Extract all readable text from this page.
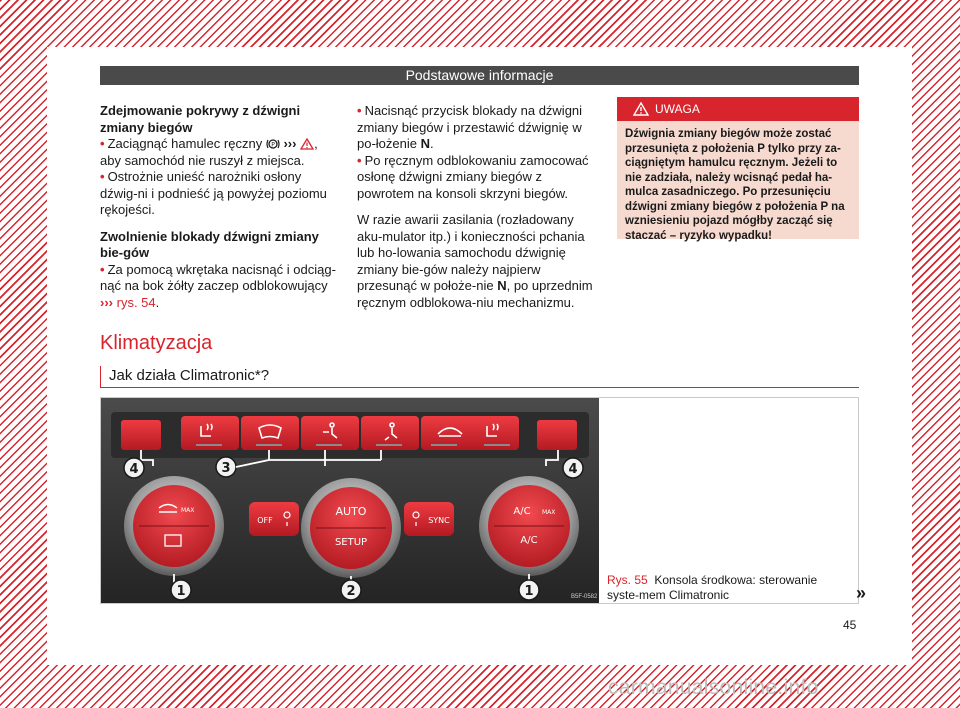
Podstawowe informacje

Zdejmowanie pokrywy z dźwigni zmiany biegów

• Zaciągnąć hamulec ręczny P ››› , aby samochód nie ruszył z miejsca.

• Ostrożnie unieść narożniki osłony dźwig-ni i podnieść ją powyżej poziomu rękojeści.

Zwolnienie blokady dźwigni zmiany bie-gów

• Za pomocą wkrętaka nacisnąć i odciąg-nąć na bok żółty zaczep odblokowujący
››› rys. 54.

• Nacisnąć przycisk blokady na dźwigni zmiany biegów i przestawić dźwignię w po-łożenie N.

• Po ręcznym odblokowaniu zamocować osłonę dźwigni zmiany biegów z powrotem na konsoli skrzyni biegów.

W razie awarii zasilania (rozładowany aku-mulator itp.) i konieczności pchania lub ho-lowania samochodu dźwignię zmiany bie-gów należy najpierw przesunąć w położe-nie N, po uprzednim ręcznym odblokowa-niu mechanizmu.

UWAGA
Dźwignia zmiany biegów może zostać przesunięta z położenia P tylko przy za-ciągniętym hamulcu ręcznym. Jeżeli to nie zadziała, należy wcisnąć pedał ha-mulca zasadniczego. Po przesunięciu dźwigni zmiany biegów z położenia P na wzniesieniu pojazd mógłby zacząć się staczać – ryzyko wypadku!
Klimatyzacja
Jak działa Climatronic*?
MAX	AUTO
SETUP
A/C MAX
A/C
OFF	SYNC
4	3	4
1	2	1	B5F-0582
Rys. 55 Konsola środkowa: sterowanie syste-mem Climatronic	»
45
carmanualsonline.info
